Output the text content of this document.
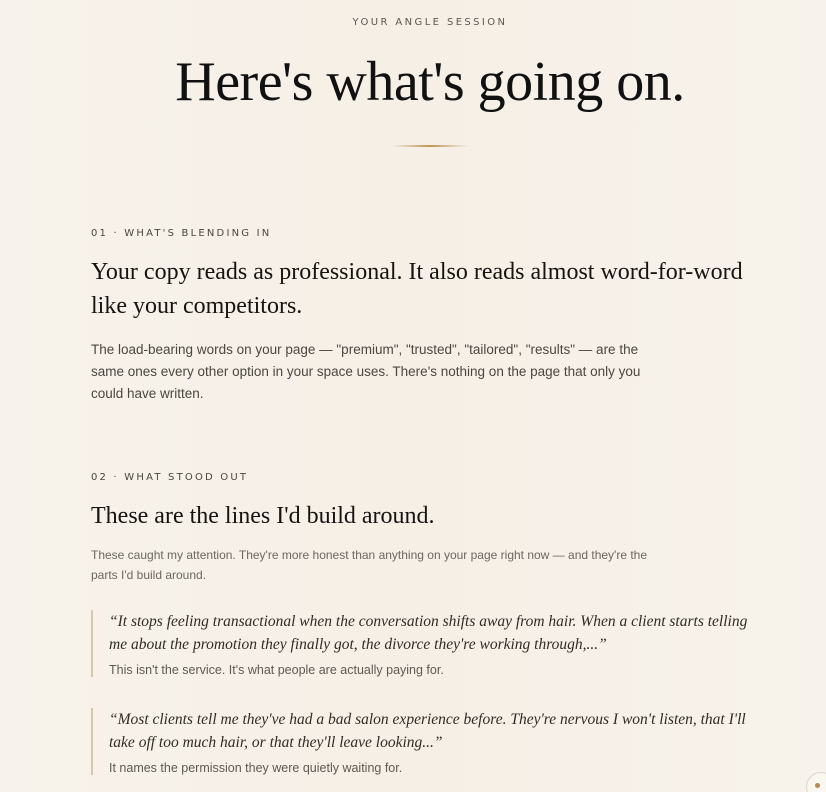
YOUR ANGLE SESSION
Here's what's going on.
01 · WHAT'S BLENDING IN
Your copy reads as professional. It also reads almost word-for-word like your competitors.
The load-bearing words on your page — "premium", "trusted", "tailored", "results" — are the same ones every other option in your space uses. There's nothing on the page that only you could have written.
02 · WHAT STOOD OUT
These are the lines I'd build around.
These caught my attention. They're more honest than anything on your page right now — and they're the parts I'd build around.
“It stops feeling transactional when the conversation shifts away from hair. When a client starts telling me about the promotion they finally got, the divorce they're working through,...”
This isn't the service. It's what people are actually paying for.
“Most clients tell me they've had a bad salon experience before. They're nervous I won't listen, that I'll take off too much hair, or that they'll leave looking...”
It names the permission they were quietly waiting for.
